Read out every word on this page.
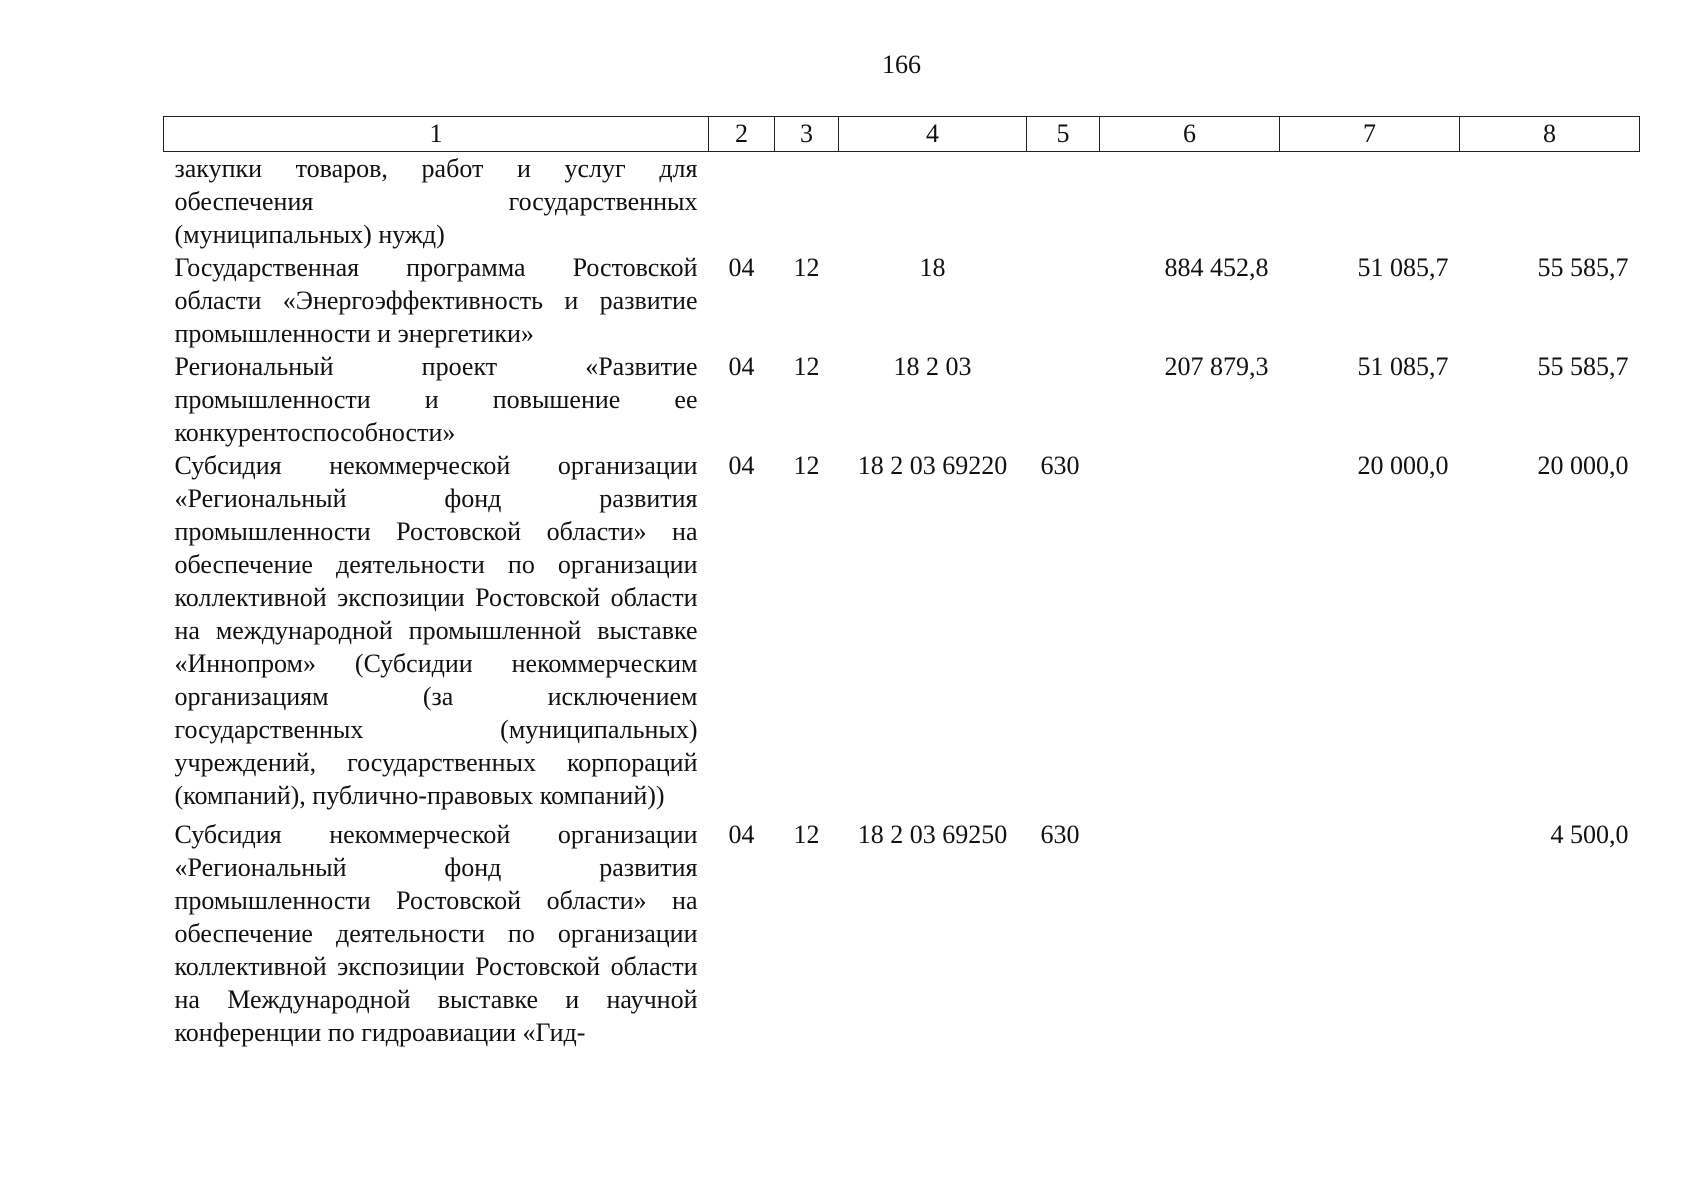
166
1	2	3	4	5	6	7	8
закупки товаров, работ и услуг для обеспечения государственных (муниципальных) нужд)							
Государственная программа Ростовской области «Энергоэффективность и развитие промышленности и энергетики»	04	12	18		884 452,8	51 085,7	55 585,7
Региональный проект «Развитие промышленности и повышение ее конкурентоспособности»	04	12	18 2 03		207 879,3	51 085,7	55 585,7
Субсидия некоммерческой организации «Региональный фонд развития промышленности Ростовской области» на обеспечение деятельности по организации коллективной экспозиции Ростовской области на международной промышленной выставке «Иннопром» (Субсидии некоммерческим организациям (за исключением государственных (муниципальных) учреждений, государственных корпораций (компаний), публично-правовых компаний))	04	12	18 2 03 69220	630		20 000,0	20 000,0
Субсидия некоммерческой организации «Региональный фонд развития промышленности Ростовской области» на обеспечение деятельности по организации коллективной экспозиции Ростовской области на Международной выставке и научной конференции по гидроавиации «Гид-	04	12	18 2 03 69250	630			4 500,0
